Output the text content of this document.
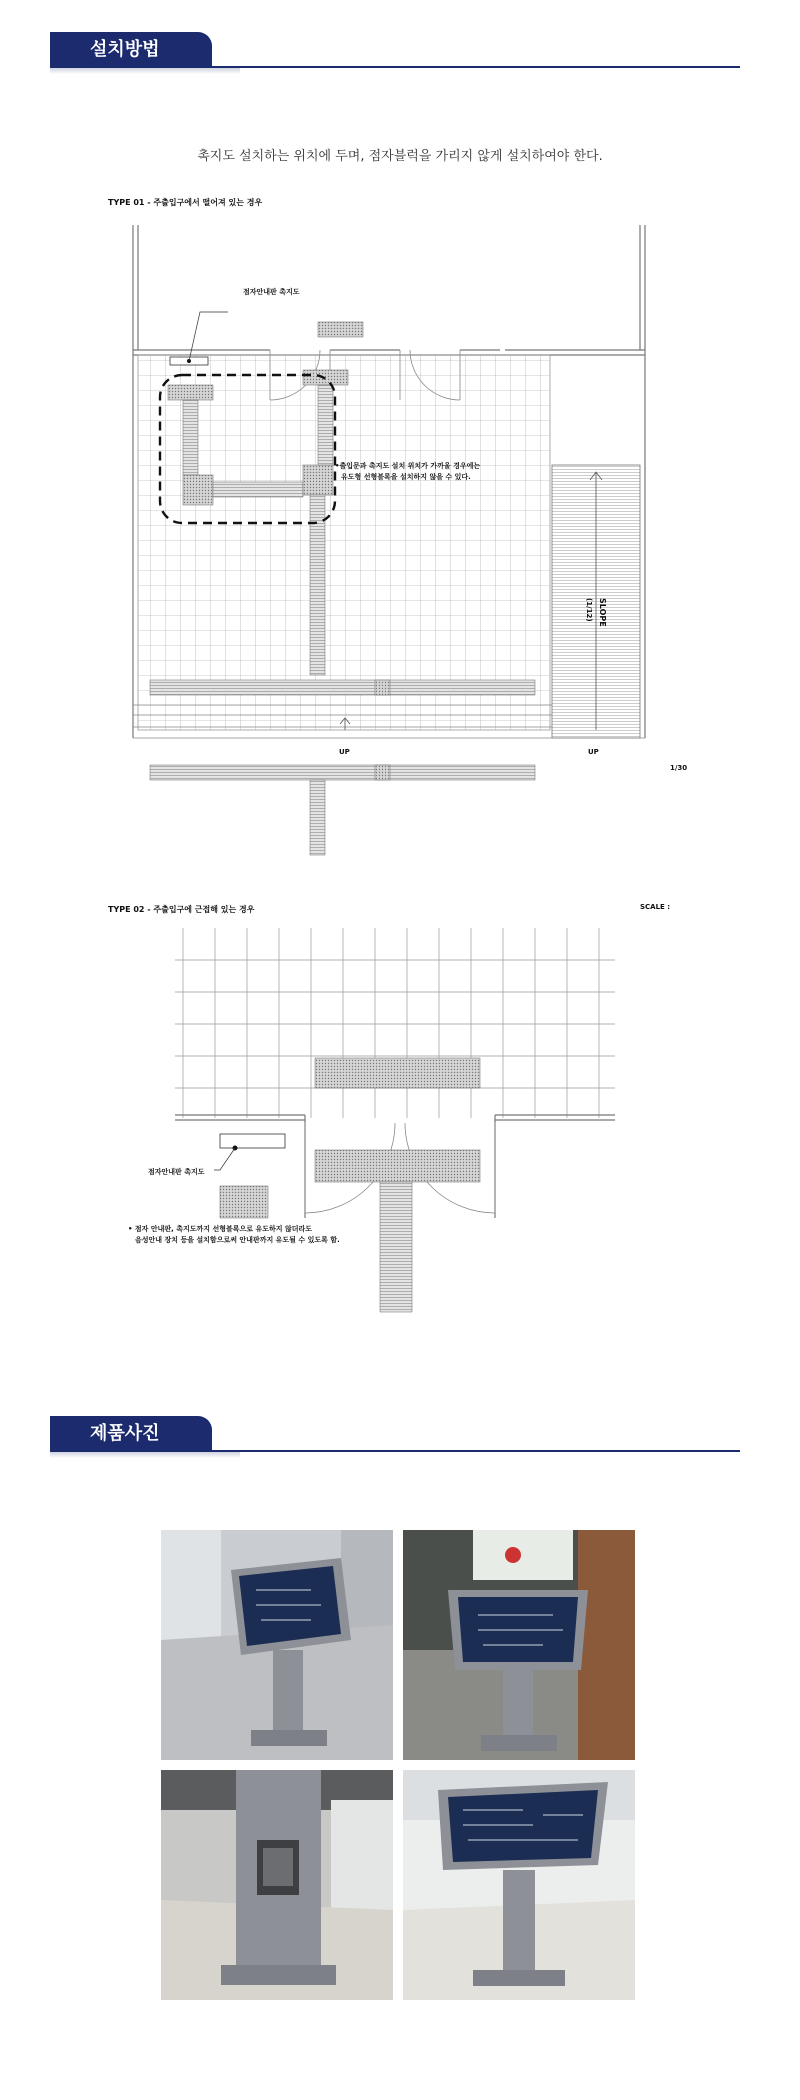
설치방법
촉지도 설치하는 위치에 두며, 점자블럭을 가리지 않게 설치하여야 한다.
TYPE 01 - 주출입구에서 떨어져 있는 경우
SLOPE
(1/12)
UP	UP
1/30
점자안내판 촉지도
•출입문과 촉지도 설치 위치가 가까울 경우에는
유도형 선형블록을 설치하지 않을 수 있다.
TYPE 02 - 주출입구에 근접해 있는 경우	SCALE :
점자안내판 촉지도
• 점자 안내판, 촉지도까지 선형블록으로 유도하지 않더라도
음성안내 장치 등을 설치함으로써 안내판까지 유도될 수 있도록 함.
제품사진
